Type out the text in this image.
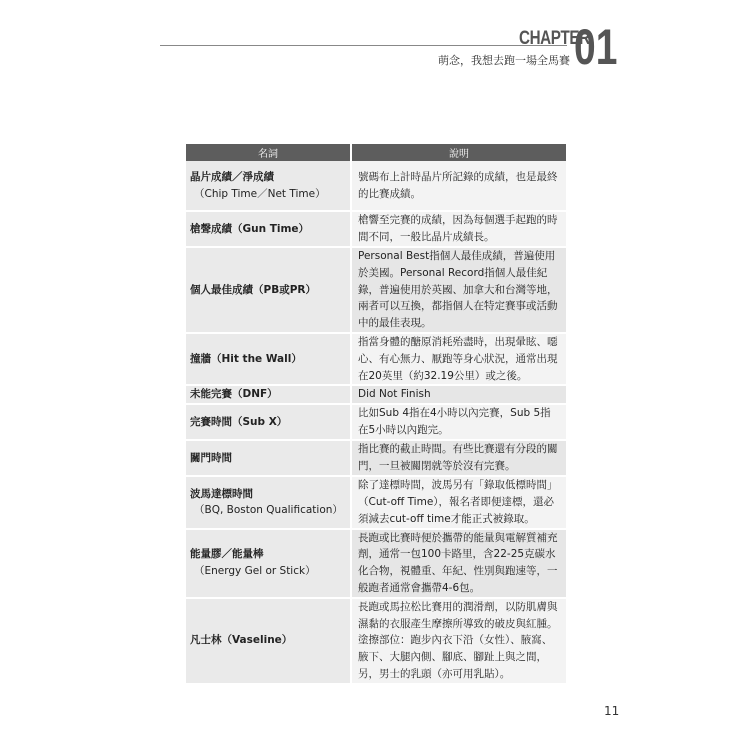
CHAPTER
01
萌念，我想去跑一場全馬賽
名詞	說明
晶片成績／淨成績
（Chip Time／Net Time）	號碼布上計時晶片所記錄的成績，也是最終的比賽成績。
槍聲成績（Gun Time）	槍響至完賽的成績，因為每個選手起跑的時間不同，一般比晶片成績長。
個人最佳成績（PB或PR）	Personal Best指個人最佳成績，普遍使用於美國。Personal Record指個人最佳紀錄，普遍使用於英國、加拿大和台灣等地，兩者可以互換，都指個人在特定賽事或活動中的最佳表現。
撞牆（Hit the Wall）	指當身體的醣原消耗殆盡時，出現暈眩、噁心、有心無力、厭跑等身心狀況，通常出現在20英里（約32.19公里）或之後。
未能完賽（DNF）	Did Not Finish
完賽時間（Sub X）	比如Sub 4指在4小時以內完賽，Sub 5指在5小時以內跑完。
關門時間	指比賽的截止時間。有些比賽還有分段的關門，一旦被關閉就等於沒有完賽。
波馬達標時間
（BQ, Boston Qualification）	除了達標時間，波馬另有「錄取低標時間」（Cut-off Time），報名者即便達標，還必須減去cut-off time才能正式被錄取。
能量膠／能量棒
（Energy Gel or Stick）	長跑或比賽時便於攜帶的能量與電解質補充劑，通常一包100卡路里，含22-25克碳水化合物，視體重、年紀、性別與跑速等，一般跑者通常會攜帶4-6包。
凡士林（Vaseline）	長跑或馬拉松比賽用的潤滑劑，以防肌膚與濕黏的衣服產生摩擦所導致的破皮與紅腫。塗擦部位：跑步內衣下沿（女性）、腋窩、腋下、大腿內側、腳底、腳趾上與之間，另，男士的乳頭（亦可用乳貼）。
11
